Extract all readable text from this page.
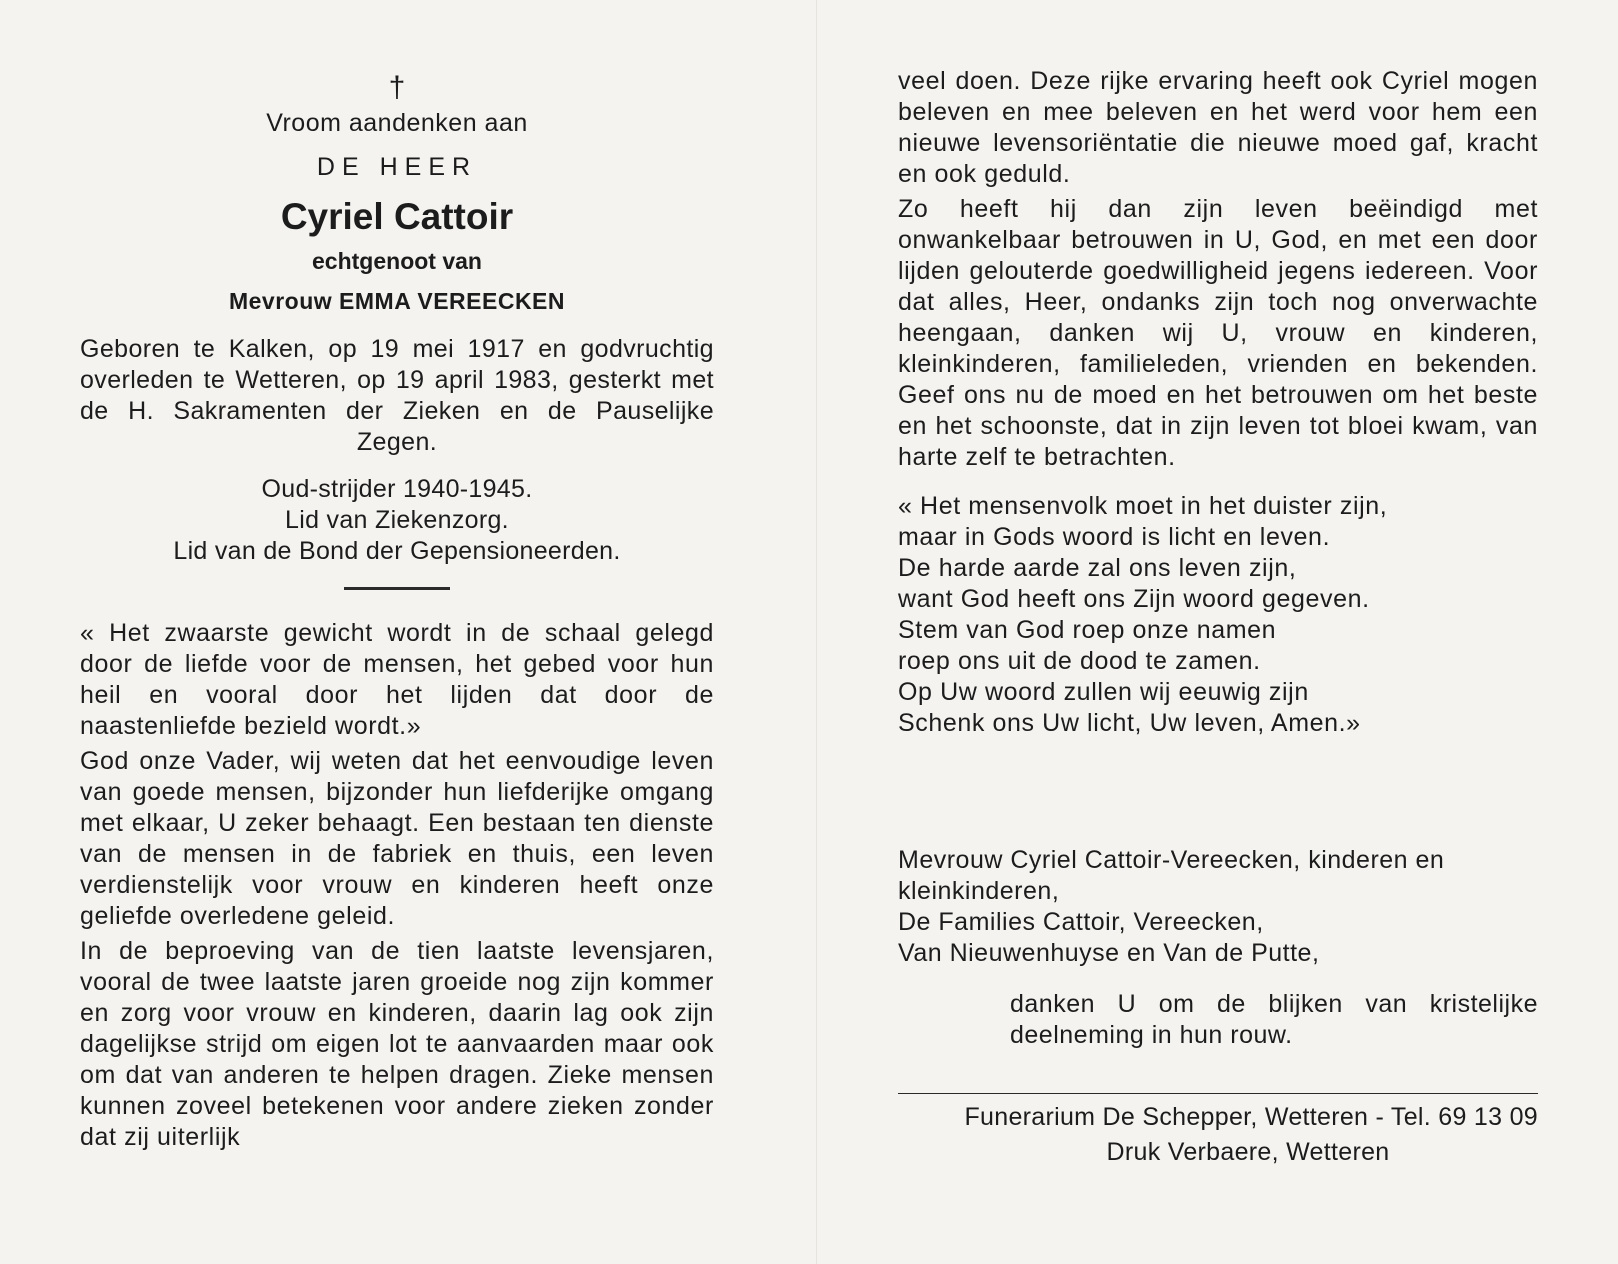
†
Vroom aandenken aan
DE HEER
Cyriel Cattoir
echtgenoot van
Mevrouw EMMA VEREECKEN
Geboren te Kalken, op 19 mei 1917 en godvruchtig overleden te Wetteren, op 19 april 1983, gesterkt met de H. Sakramenten der Zieken en de Pauselijke Zegen.
Oud-strijder 1940-1945.
Lid van Ziekenzorg.
Lid van de Bond der Gepensioneerden.

« Het zwaarste gewicht wordt in de schaal gelegd door de liefde voor de mensen, het gebed voor hun heil en vooral door het lijden dat door de naastenliefde bezield wordt.»

God onze Vader, wij weten dat het eenvoudige leven van goede mensen, bijzonder hun liefderijke omgang met elkaar, U zeker behaagt. Een bestaan ten dienste van de mensen in de fabriek en thuis, een leven verdienstelijk voor vrouw en kinderen heeft onze geliefde overledene geleid.

In de beproeving van de tien laatste levensjaren, vooral de twee laatste jaren groeide nog zijn kommer en zorg voor vrouw en kinderen, daarin lag ook zijn dagelijkse strijd om eigen lot te aanvaarden maar ook om dat van anderen te helpen dragen. Zieke mensen kunnen zoveel betekenen voor andere zieken zonder dat zij uiterlijk

veel doen. Deze rijke ervaring heeft ook Cyriel mogen beleven en mee beleven en het werd voor hem een nieuwe levensoriëntatie die nieuwe moed gaf, kracht en ook geduld.

Zo heeft hij dan zijn leven beëindigd met onwankelbaar betrouwen in U, God, en met een door lijden gelouterde goedwilligheid jegens iedereen. Voor dat alles, Heer, ondanks zijn toch nog onverwachte heengaan, danken wij U, vrouw en kinderen, kleinkinderen, familieleden, vrienden en bekenden. Geef ons nu de moed en het betrouwen om het beste en het schoonste, dat in zijn leven tot bloei kwam, van harte zelf te betrachten.

« Het mensenvolk moet in het duister zijn,
maar in Gods woord is licht en leven.
De harde aarde zal ons leven zijn,
want God heeft ons Zijn woord gegeven.
Stem van God roep onze namen
roep ons uit de dood te zamen.
Op Uw woord zullen wij eeuwig zijn
Schenk ons Uw licht, Uw leven, Amen.»
Mevrouw Cyriel Cattoir-Vereecken, kinderen en kleinkinderen,
De Families Cattoir, Vereecken,
Van Nieuwenhuyse en Van de Putte,
danken U om de blijken van kristelijke deelneming in hun rouw.
Funerarium De Schepper, Wetteren - Tel. 69 13 09
Druk Verbaere, Wetteren
